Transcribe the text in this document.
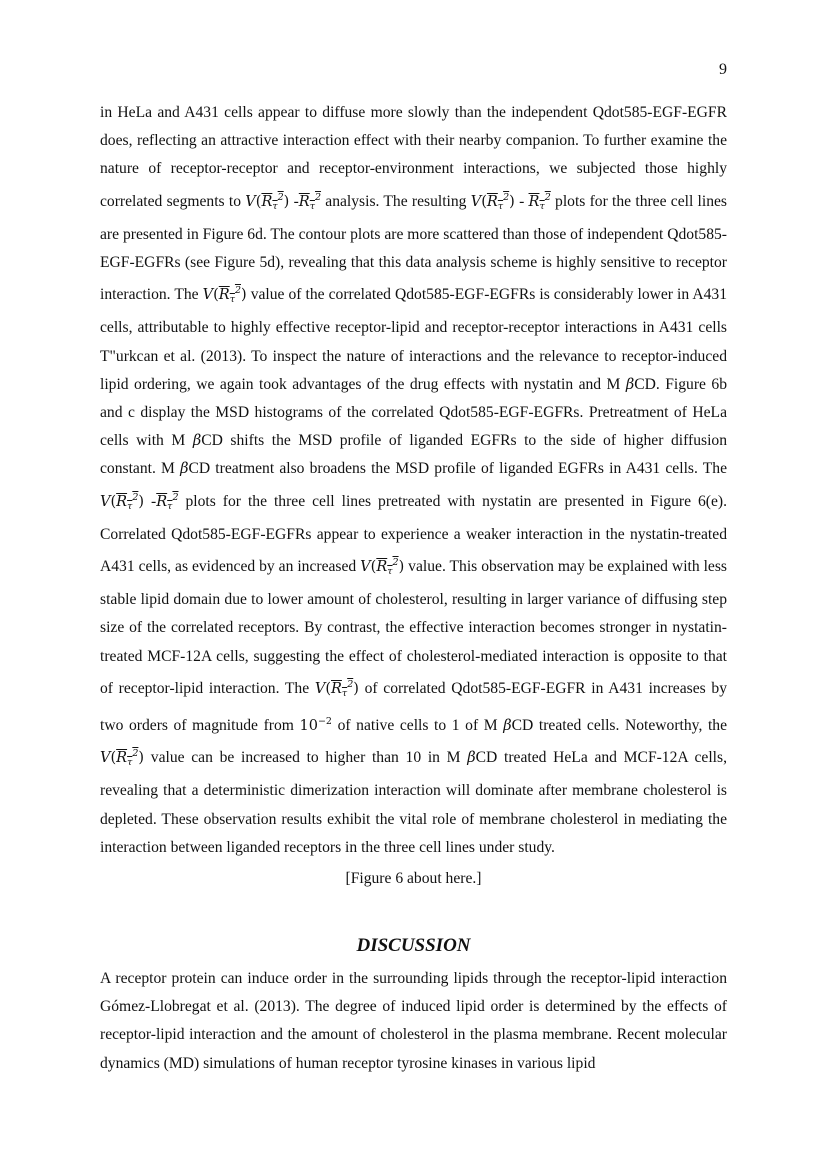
9

in HeLa and A431 cells appear to diffuse more slowly than the independent Qdot585-EGF-EGFR does, reflecting an attractive interaction effect with their nearby companion. To further examine the nature of receptor-receptor and receptor-environment interactions, we subjected those highly correlated segments to $V(R_\tau^2)$ $-R_\tau^2$ analysis. The resulting $V(R_\tau^2) - R_\tau^2$ plots for the three cell lines are presented in Figure 6d. The contour plots are more scattered than those of independent Qdot585-EGF-EGFRs (see Figure 5d), revealing that this data analysis scheme is highly sensitive to receptor interaction. The $V(R_\tau^2)$ value of the correlated Qdot585-EGF-EGFRs is considerably lower in A431 cells, attributable to highly effective receptor-lipid and receptor-receptor interactions in A431 cells T"urkcan et al. (2013). To inspect the nature of interactions and the relevance to receptor-induced lipid ordering, we again took advantages of the drug effects with nystatin and M βCD. Figure 6b and c display the MSD histograms of the correlated Qdot585-EGF-EGFRs. Pretreatment of HeLa cells with M βCD shifts the MSD profile of liganded EGFRs to the side of higher diffusion constant. M βCD treatment also broadens the MSD profile of liganded EGFRs in A431 cells. The $V(R_\tau^2)$ $-R_\tau^2$ plots for the three cell lines pretreated with nystatin are presented in Figure 6(e). Correlated Qdot585-EGF-EGFRs appear to experience a weaker interaction in the nystatin-treated A431 cells, as evidenced by an increased $V(R_\tau^2)$ value. This observation may be explained with less stable lipid domain due to lower amount of cholesterol, resulting in larger variance of diffusing step size of the correlated receptors. By contrast, the effective interaction becomes stronger in nystatin-treated MCF-12A cells, suggesting the effect of cholesterol-mediated interaction is opposite to that of receptor-lipid interaction. The $V(R_\tau^2)$ of correlated Qdot585-EGF-EGFR in A431 increases by two orders of magnitude from $10^{-2}$ of native cells to 1 of M βCD treated cells. Noteworthy, the $V(R_\tau^2)$ value can be increased to higher than 10 in M βCD treated HeLa and MCF-12A cells, revealing that a deterministic dimerization interaction will dominate after membrane cholesterol is depleted. These observation results exhibit the vital role of membrane cholesterol in mediating the interaction between liganded receptors in the three cell lines under study.

[Figure 6 about here.]
DISCUSSION

A receptor protein can induce order in the surrounding lipids through the receptor-lipid interaction Gómez-Llobregat et al. (2013). The degree of induced lipid order is determined by the effects of receptor-lipid interaction and the amount of cholesterol in the plasma membrane. Recent molecular dynamics (MD) simulations of human receptor tyrosine kinases in various lipid
